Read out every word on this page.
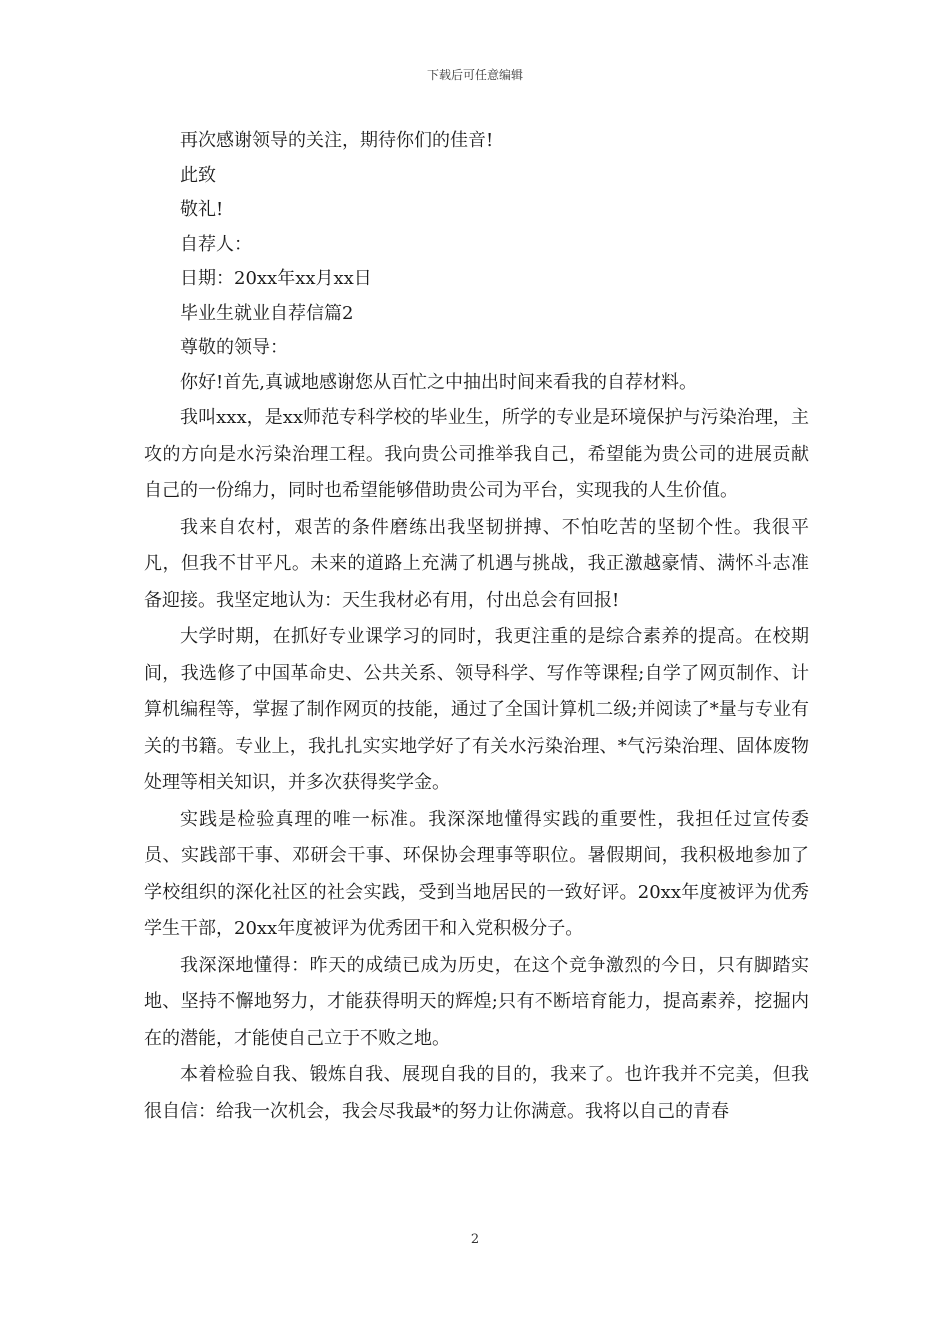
下载后可任意编辑
再次感谢领导的关注，期待你们的佳音!
此致
敬礼!
自荐人：
日期：20xx年xx月xx日
毕业生就业自荐信篇2
尊敬的领导：
你好!首先,真诚地感谢您从百忙之中抽出时间来看我的自荐材料。

我叫xxx，是xx师范专科学校的毕业生，所学的专业是环境保护与污染治理，主攻的方向是水污染治理工程。我向贵公司推举我自己，希望能为贵公司的进展贡献自己的一份绵力，同时也希望能够借助贵公司为平台，实现我的人生价值。

我来自农村，艰苦的条件磨练出我坚韧拼搏、不怕吃苦的坚韧个性。我很平凡，但我不甘平凡。未来的道路上充满了机遇与挑战，我正激越豪情、满怀斗志准备迎接。我坚定地认为：天生我材必有用，付出总会有回报!

大学时期，在抓好专业课学习的同时，我更注重的是综合素养的提高。在校期间，我选修了中国革命史、公共关系、领导科学、写作等课程;自学了网页制作、计算机编程等，掌握了制作网页的技能，通过了全国计算机二级;并阅读了*量与专业有关的书籍。专业上，我扎扎实实地学好了有关水污染治理、*气污染治理、固体废物处理等相关知识，并多次获得奖学金。

实践是检验真理的唯一标准。我深深地懂得实践的重要性，我担任过宣传委员、实践部干事、邓研会干事、环保协会理事等职位。暑假期间，我积极地参加了学校组织的深化社区的社会实践，受到当地居民的一致好评。20xx年度被评为优秀学生干部，20xx年度被评为优秀团干和入党积极分子。

我深深地懂得：昨天的成绩已成为历史，在这个竞争激烈的今日，只有脚踏实地、坚持不懈地努力，才能获得明天的辉煌;只有不断培育能力，提高素养，挖掘内在的潜能，才能使自己立于不败之地。

本着检验自我、锻炼自我、展现自我的目的，我来了。也许我并不完美，但我很自信：给我一次机会，我会尽我最*的努力让你满意。我将以自己的青春

2
